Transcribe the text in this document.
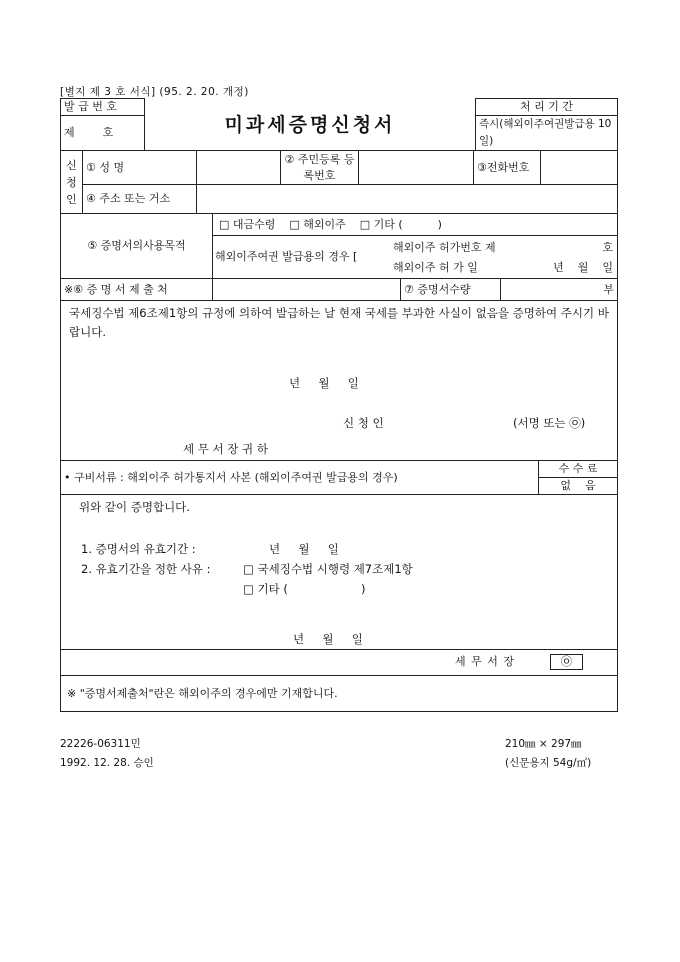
[별지 제 3 호 서식] (95. 2. 20. 개정)
발 급 번 호	미과세증명신청서	처 리 기 간
제        호		즉시(해외이주여권발급용 10일)
신청인	① 성 명		② 주민등록 등록번호		③전화번호	
	④ 주소 또는 거소					
⑤ 증명서의사용목적	
□ 대금수령    □ 해외이주    □ 기타 (          )
해외이주여권 발급용의 경우 [
해외이주 허가번호 제	호
해외이주 허 가 일	년    월    일
※⑥ 증 명 서 제 출 처		⑦ 증명서수량	부
국세징수법 제6조제1항의 규정에 의하여 발급하는 날 현재 국세를 부과한 사실이 없음을 증명하여 주시기 바랍니다.
년     월     일
신 청 인	(서명 또는 ㉧)
세 무 서 장 귀 하
• 구비서류 : 해외이주 허가통지서 사본 (해외이주여권 발급용의 경우)	수 수 료
없    음
위와 같이 증명합니다.
1. 증명서의 유효기간 :	년     월     일
2. 유효기간을 정한 사유 :	□ 국세징수법 시행령 제7조제1항
□ 기타 (                    )
년     월     일

세 무 서 장	㉧

※ "증명서제출처"란은 해외이주의 경우에만 기재합니다.
22226-06311민
1992. 12. 28. 승인
210㎜ × 297㎜
(신문용지 54g/㎡)
